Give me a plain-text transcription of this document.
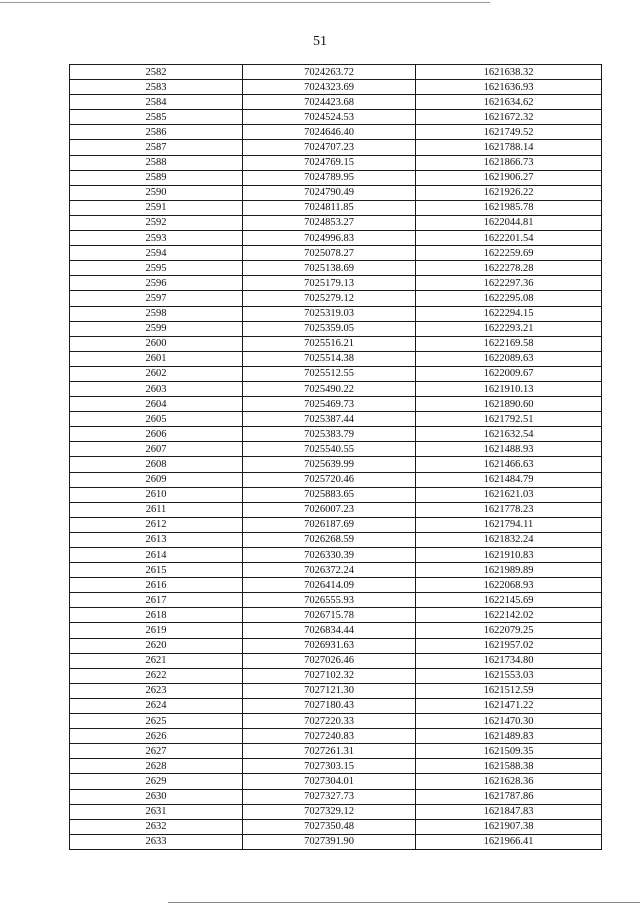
51
2582	7024263.72	1621638.32
2583	7024323.69	1621636.93
2584	7024423.68	1621634.62
2585	7024524.53	1621672.32
2586	7024646.40	1621749.52
2587	7024707.23	1621788.14
2588	7024769.15	1621866.73
2589	7024789.95	1621906.27
2590	7024790.49	1621926.22
2591	7024811.85	1621985.78
2592	7024853.27	1622044.81
2593	7024996.83	1622201.54
2594	7025078.27	1622259.69
2595	7025138.69	1622278.28
2596	7025179.13	1622297.36
2597	7025279.12	1622295.08
2598	7025319.03	1622294.15
2599	7025359.05	1622293.21
2600	7025516.21	1622169.58
2601	7025514.38	1622089.63
2602	7025512.55	1622009.67
2603	7025490.22	1621910.13
2604	7025469.73	1621890.60
2605	7025387.44	1621792.51
2606	7025383.79	1621632.54
2607	7025540.55	1621488.93
2608	7025639.99	1621466.63
2609	7025720.46	1621484.79
2610	7025883.65	1621621.03
2611	7026007.23	1621778.23
2612	7026187.69	1621794.11
2613	7026268.59	1621832.24
2614	7026330.39	1621910.83
2615	7026372.24	1621989.89
2616	7026414.09	1622068.93
2617	7026555.93	1622145.69
2618	7026715.78	1622142.02
2619	7026834.44	1622079.25
2620	7026931.63	1621957.02
2621	7027026.46	1621734.80
2622	7027102.32	1621553.03
2623	7027121.30	1621512.59
2624	7027180.43	1621471.22
2625	7027220.33	1621470.30
2626	7027240.83	1621489.83
2627	7027261.31	1621509.35
2628	7027303.15	1621588.38
2629	7027304.01	1621628.36
2630	7027327.73	1621787.86
2631	7027329.12	1621847.83
2632	7027350.48	1621907.38
2633	7027391.90	1621966.41
